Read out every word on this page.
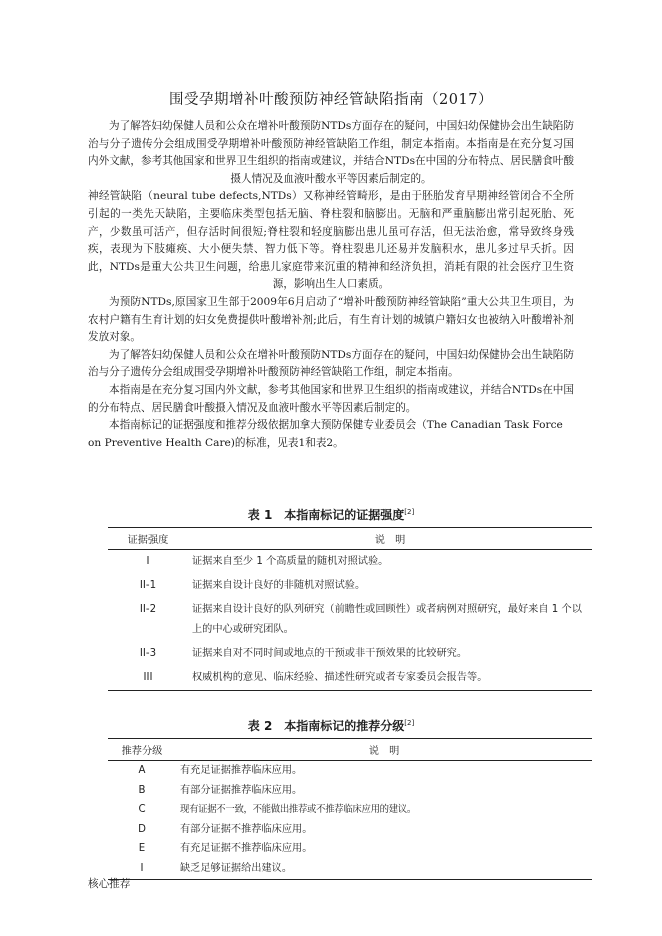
围受孕期增补叶酸预防神经管缺陷指南（2017）

为了解答妇幼保健人员和公众在增补叶酸预防NTDs方面存在的疑问，中国妇幼保健协会出生缺陷防治与分子遗传分会组成围受孕期增补叶酸预防神经管缺陷工作组，制定本指南。本指南是在充分复习国内外文献，参考其他国家和世界卫生组织的指南或建议，并结合NTDs在中国的分布特点、居民膳食叶酸摄人情况及血液叶酸水平等因素后制定的。

神经管缺陷（neural tube defects,NTDs）又称神经管畸形，是由于胚胎发育早期神经管闭合不全所引起的一类先天缺陷，主要临床类型包括无脑、脊柱裂和脑膨出。无脑和严重脑膨出常引起死胎、死产，少数虽可活产，但存活时间很短;脊柱裂和轻度脑膨出患儿虽可存活，但无法治愈，常导致终身残疾，表现为下肢瘫痪、大小便失禁、智力低下等。脊柱裂患儿还易并发脑积水，患儿多过早夭折。因此，NTDs是重大公共卫生问题，给患儿家庭带来沉重的精神和经济负担，消耗有限的社会医疗卫生资源，影响出生人口素质。

为预防NTDs,原国家卫生部于2009年6月启动了“增补叶酸预防神经管缺陷”重大公共卫生项目，为农村户籍有生育计划的妇女免费提供叶酸增补剂;此后，有生育计划的城镇户籍妇女也被纳入叶酸增补剂发放对象。

为了解答妇幼保健人员和公众在增补叶酸预防NTDs方面存在的疑问，中国妇幼保健协会出生缺陷防治与分子遗传分会组成围受孕期增补叶酸预防神经管缺陷工作组，制定本指南。

本指南是在充分复习国内外文献，参考其他国家和世界卫生组织的指南或建议，并结合NTDs在中国的分布特点、居民膳食叶酸摄入情况及血液叶酸水平等因素后制定的。

本指南标记的证据强度和推荐分级依据加拿大预防保健专业委员会（The Canadian Task Force on Preventive Health Care)的标准，见表1和表2。

表 1　本指南标记的证据强度[2]
证据强度	说　明
I	证据来自至少 1 个高质量的随机对照试验。
II-1	证据来自设计良好的非随机对照试验。
II-2	证据来自设计良好的队列研究（前瞻性或回顾性）或者病例对照研究，最好来自 1 个以上的中心或研究团队。
II-3	证据来自对不同时间或地点的干预或非干预效果的比较研究。
III	权威机构的意见、临床经验、描述性研究或者专家委员会报告等。
表 2　本指南标记的推荐分级[2]
推荐分级	说　明
A	有充足证据推荐临床应用。
B	有部分证据推荐临床应用。
C	现有证据不一致，不能做出推荐或不推荐临床应用的建议。
D	有部分证据不推荐临床应用。
E	有充足证据不推荐临床应用。
I	缺乏足够证据给出建议。
核心推荐
